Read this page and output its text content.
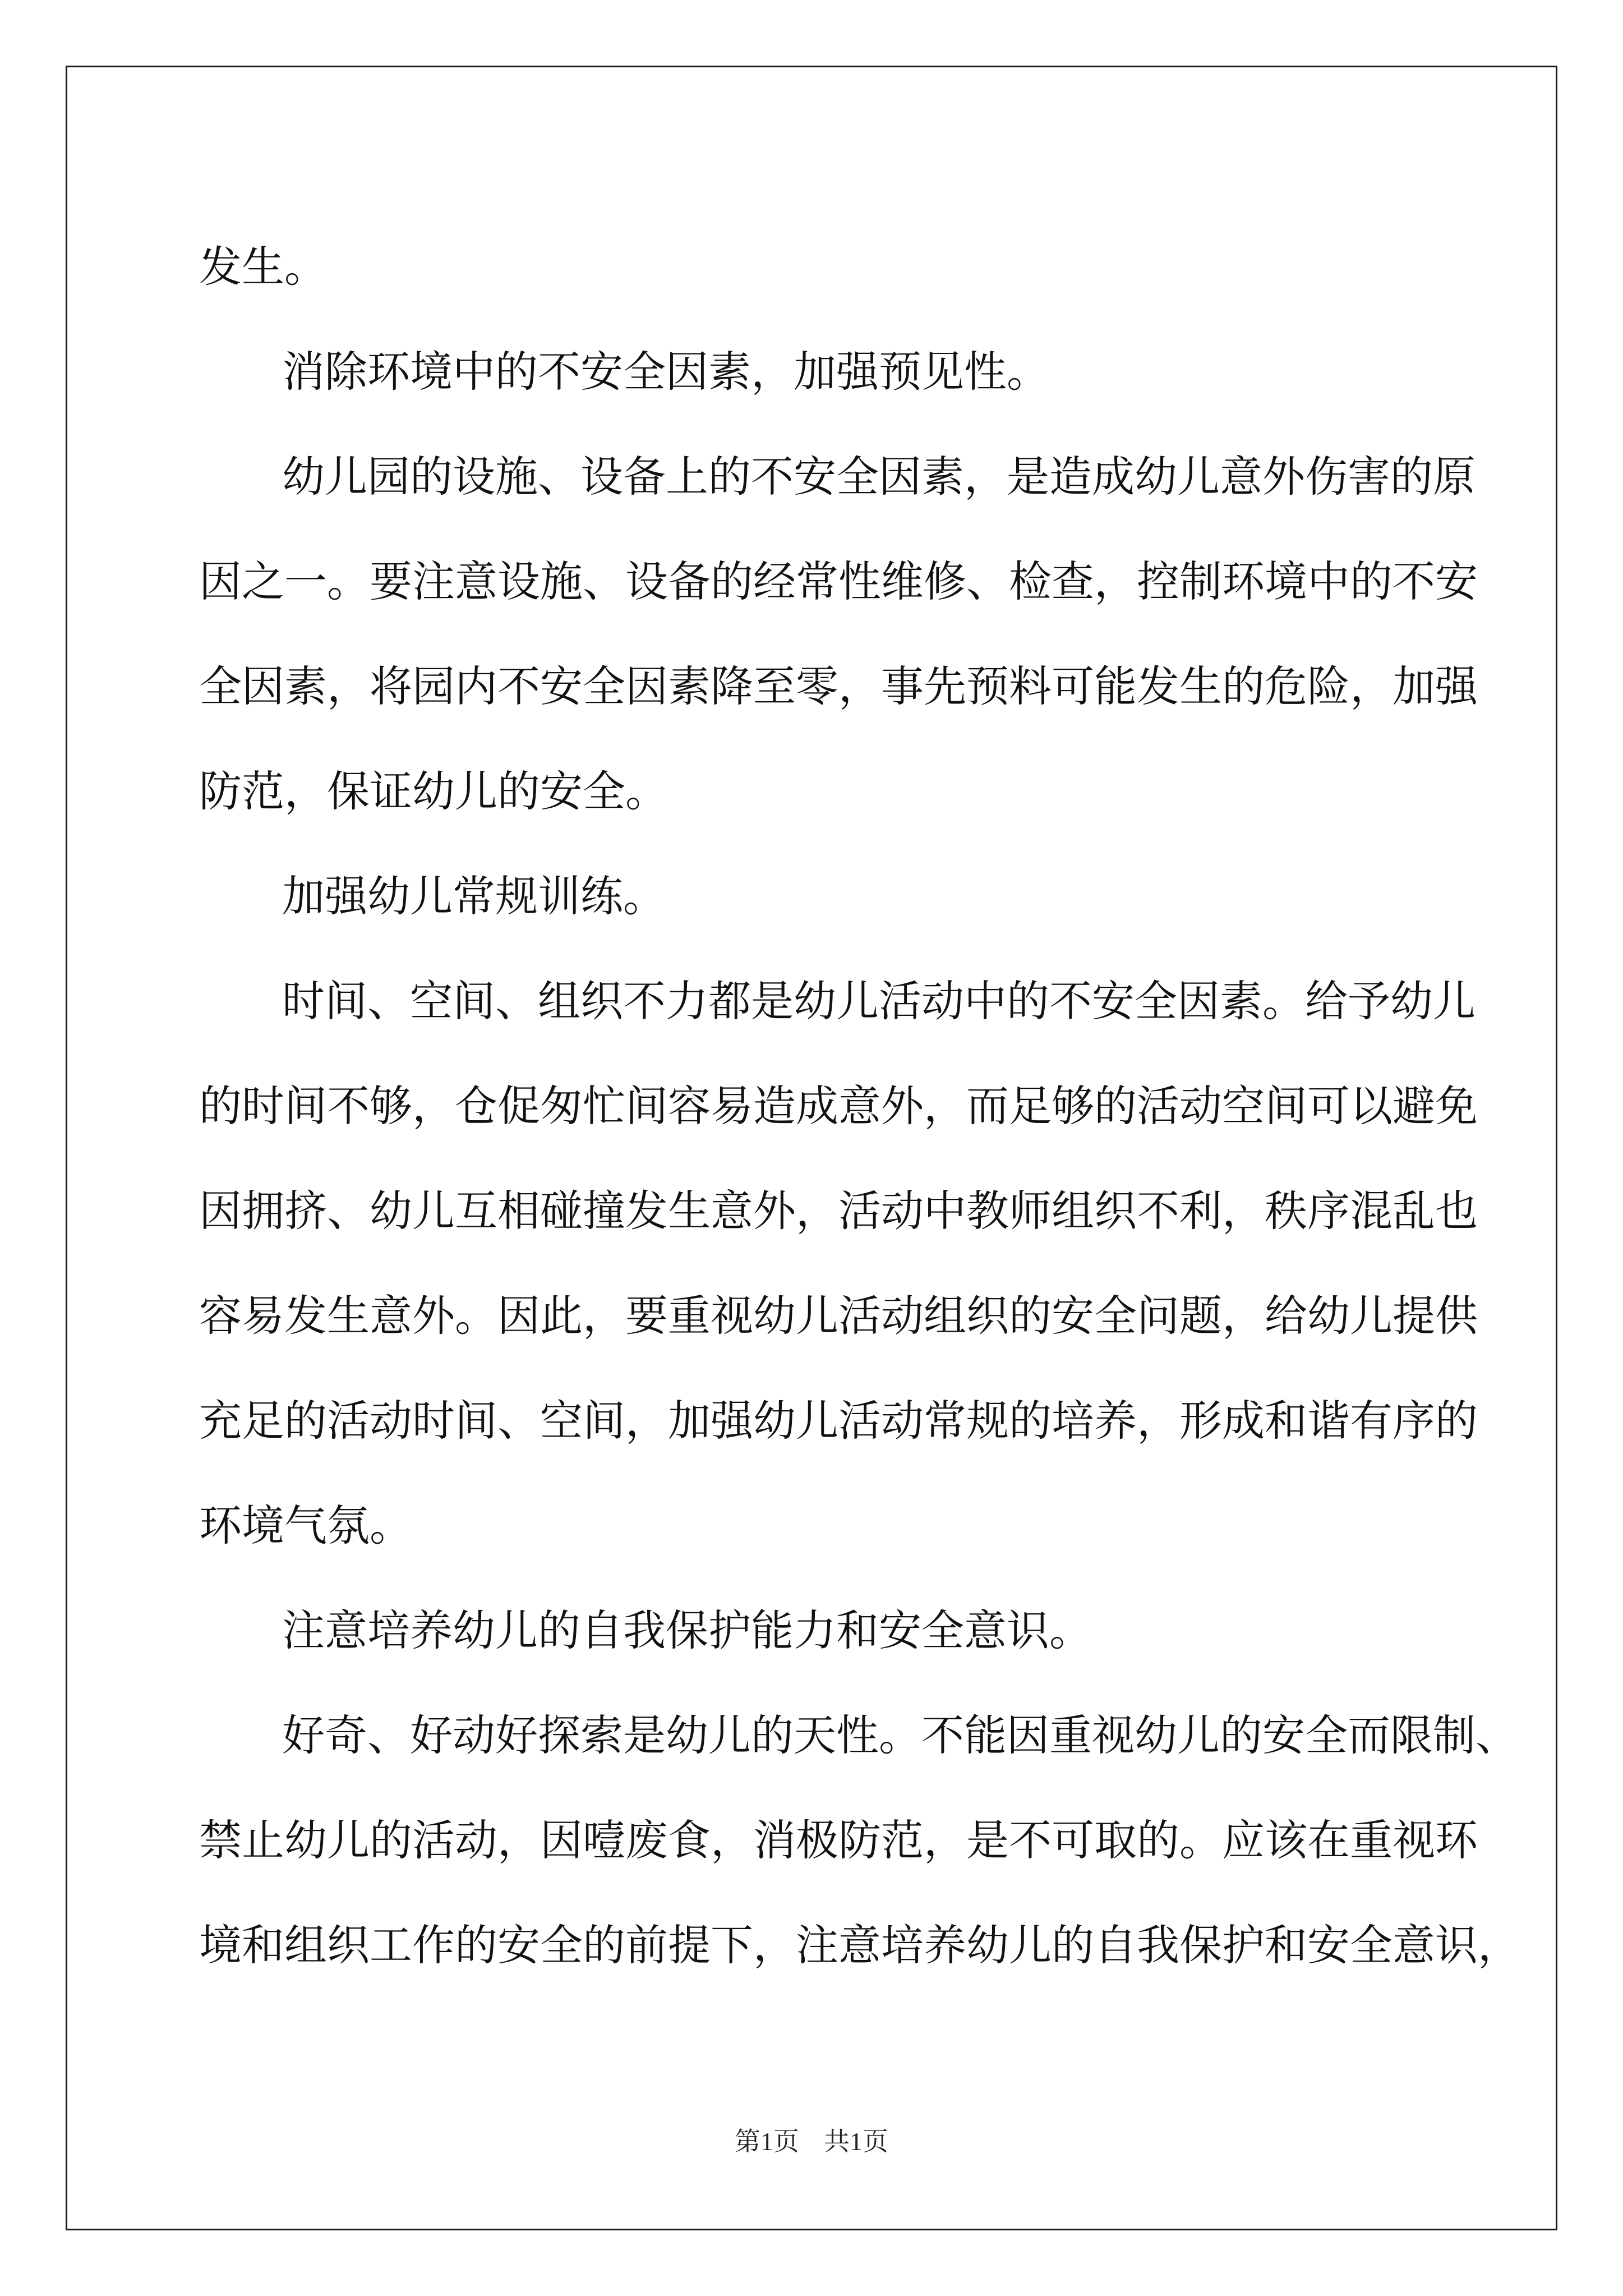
发生。
消除环境中的不安全因素，加强预见性。
幼儿园的设施、设备上的不安全因素，是造成幼儿意外伤害的原
因之一。要注意设施、设备的经常性维修、检查，控制环境中的不安
全因素，将园内不安全因素降至零，事先预料可能发生的危险，加强
防范，保证幼儿的安全。
加强幼儿常规训练。
时间、空间、组织不力都是幼儿活动中的不安全因素。给予幼儿
的时间不够，仓促匆忙间容易造成意外，而足够的活动空间可以避免
因拥挤、幼儿互相碰撞发生意外，活动中教师组织不利，秩序混乱也
容易发生意外。因此，要重视幼儿活动组织的安全问题，给幼儿提供
充足的活动时间、空间，加强幼儿活动常规的培养，形成和谐有序的
环境气氛。
注意培养幼儿的自我保护能力和安全意识。
好奇、好动好探索是幼儿的天性。不能因重视幼儿的安全而限制、
禁止幼儿的活动，因噎废食，消极防范，是不可取的。应该在重视环
境和组织工作的安全的前提下，注意培养幼儿的自我保护和安全意识，
第1页 共1页
